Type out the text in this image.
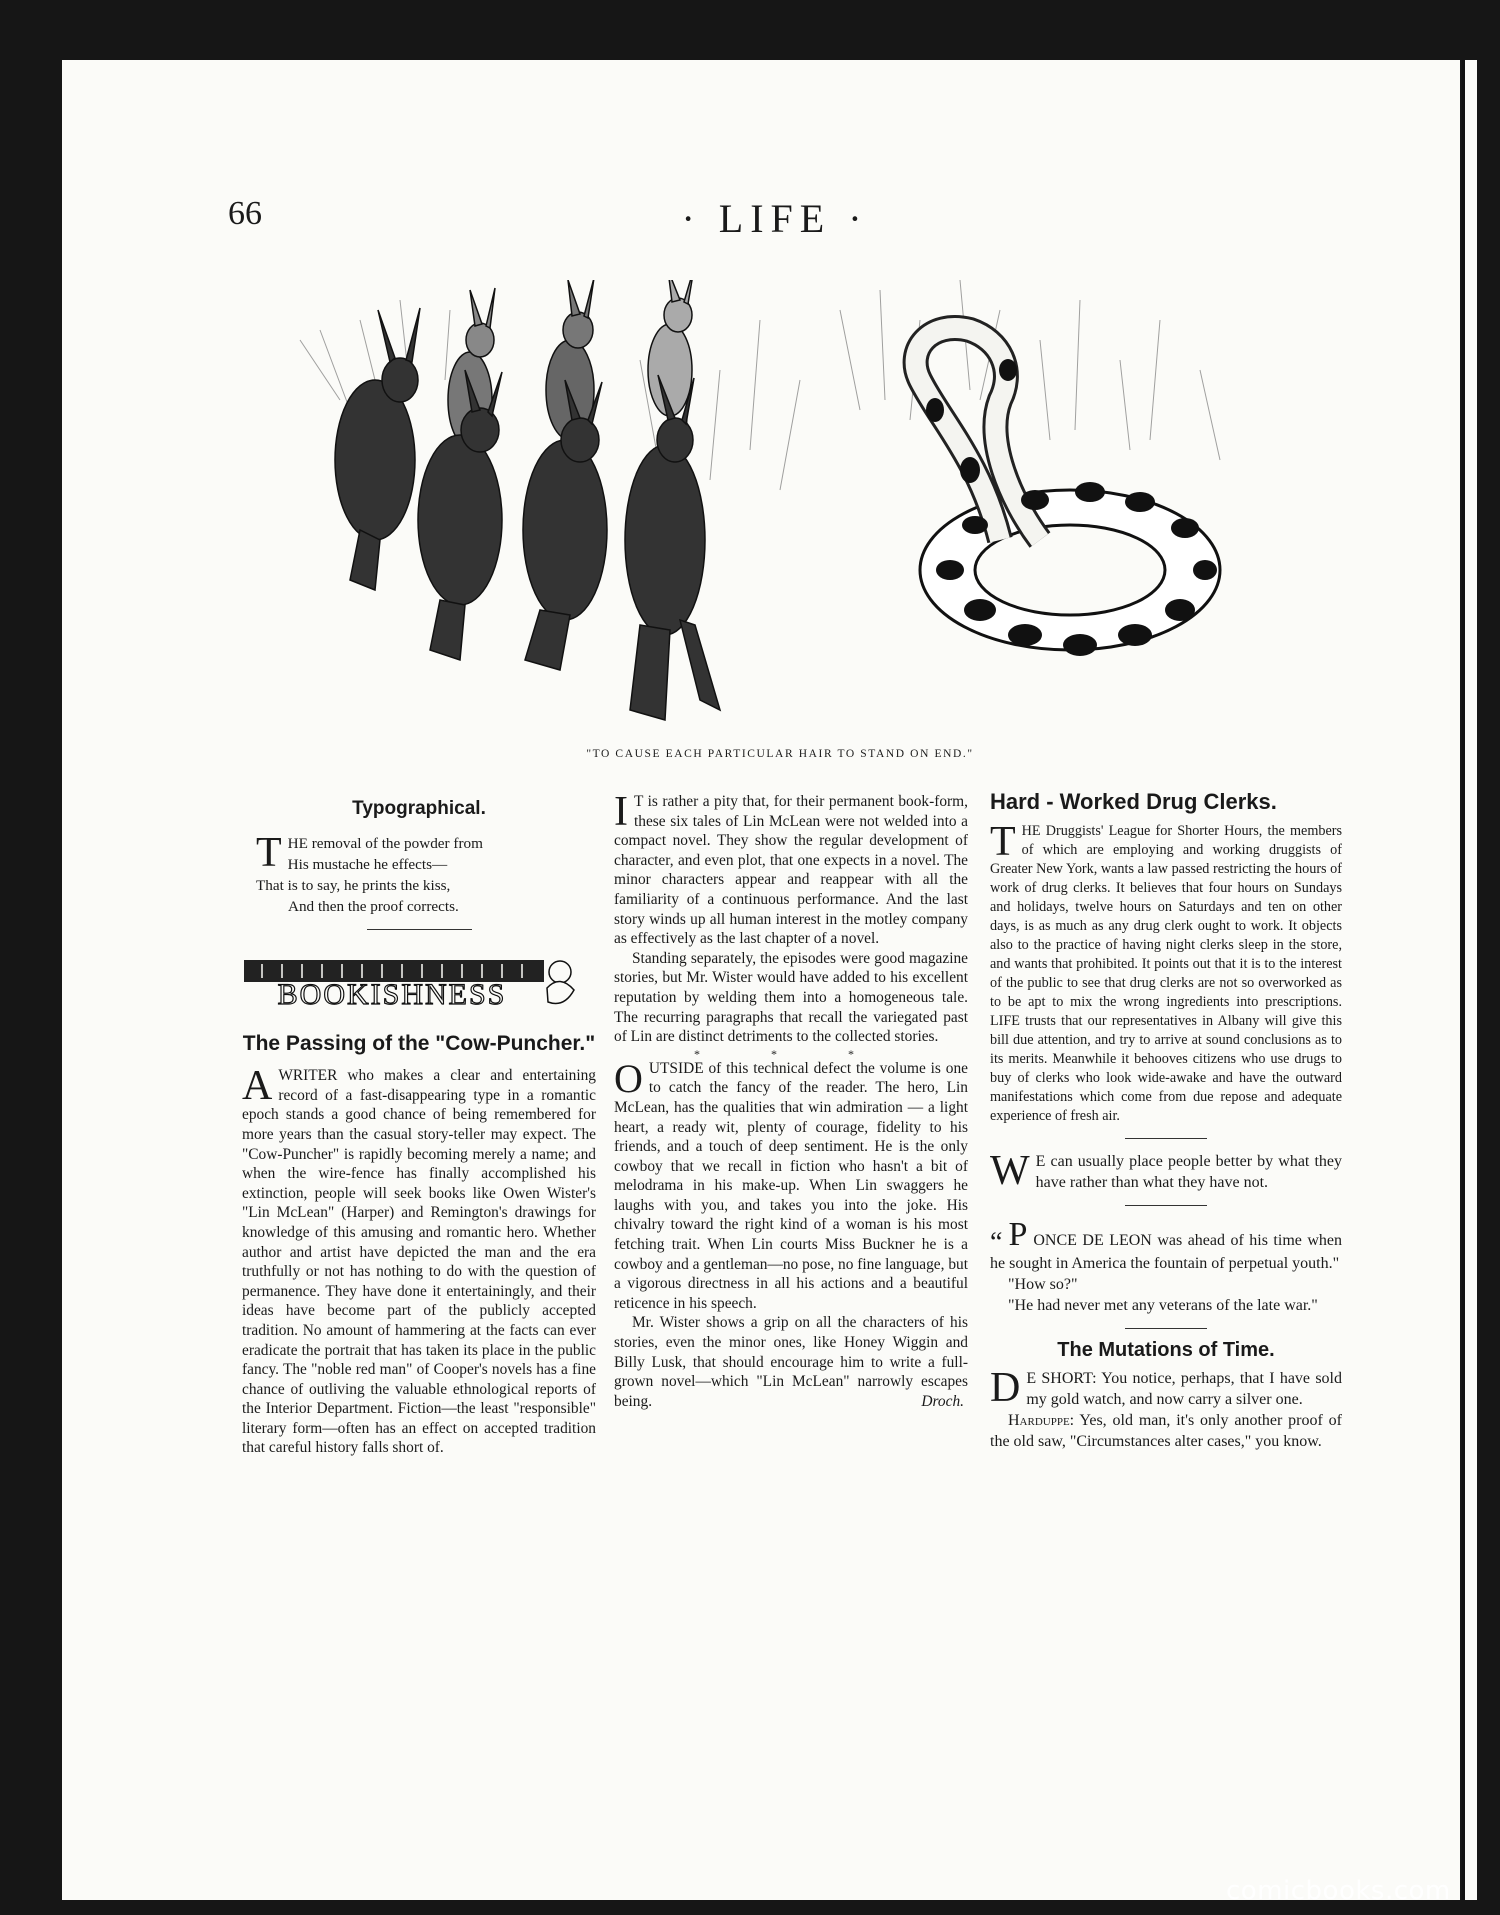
66	· LIFE ·
"TO CAUSE EACH PARTICULAR HAIR TO STAND ON END."
Typographical.
T HE removal of the powder from
His mustache he effects—
That is to say, he prints the kiss,
And then the proof corrects.
BOOKISHNESS
The Passing of the "Cow-Puncher."

AWRITER who makes a clear and entertaining record of a fast-disappearing type in a romantic epoch stands a good chance of being remembered for more years than the casual story-teller may expect. The "Cow-Puncher" is rapidly becoming merely a name; and when the wire-fence has finally accomplished his extinction, people will seek books like Owen Wister's "Lin McLean" (Harper) and Remington's drawings for knowledge of this amusing and romantic hero. Whether author and artist have depicted the man and the era truthfully or not has nothing to do with the question of permanence. They have done it entertainingly, and their ideas have become part of the publicly accepted tradition. No amount of hammering at the facts can ever eradicate the portrait that has taken its place in the public fancy. The "noble red man" of Cooper's novels has a fine chance of outliving the valuable ethnological reports of the Interior Department. Fiction—the least "responsible" literary form—often has an effect on accepted tradition that careful history falls short of.

I T is rather a pity that, for their permanent book-form, these six tales of Lin McLean were not welded into a compact novel. They show the regular development of character, and even plot, that one expects in a novel. The minor characters appear and reappear with all the familiarity of a continuous performance. And the last story winds up all human interest in the motley company as effectively as the last chapter of a novel.

Standing separately, the episodes were good magazine stories, but Mr. Wister would have added to his excellent reputation by welding them into a homogeneous tale. The recurring paragraphs that recall the variegated past of Lin are distinct detriments to the collected stories.

* * *

OUTSIDE of this technical defect the volume is one to catch the fancy of the reader. The hero, Lin McLean, has the qualities that win admiration — a light heart, a ready wit, plenty of courage, fidelity to his friends, and a touch of deep sentiment. He is the only cowboy that we recall in fiction who hasn't a bit of melodrama in his make-up. When Lin swaggers he laughs with you, and takes you into the joke. His chivalry toward the right kind of a woman is his most fetching trait. When Lin courts Miss Buckner he is a cowboy and a gentleman—no pose, no fine language, but a vigorous directness in all his actions and a beautiful reticence in his speech.

Mr. Wister shows a grip on all the characters of his stories, even the minor ones, like Honey Wiggin and Billy Lusk, that should encourage him to write a full-grown novel—which "Lin McLean" narrowly escapes being.	Droch.

Hard - Worked Drug Clerks.

THE Druggists' League for Shorter Hours, the members of which are employing and working druggists of Greater New York, wants a law passed restricting the hours of work of drug clerks. It believes that four hours on Sundays and holidays, twelve hours on Saturdays and ten on other days, is as much as any drug clerk ought to work. It objects also to the practice of having night clerks sleep in the store, and wants that prohibited. It points out that it is to the interest of the public to see that drug clerks are not so overworked as to be apt to mix the wrong ingredients into prescriptions. LIFE trusts that our representatives in Albany will give this bill due attention, and try to arrive at sound conclusions as to its merits. Meanwhile it behooves citizens who use drugs to buy of clerks who look wide-awake and have the outward manifestations which come from due repose and adequate experience of fresh air.

W E can usually place people better by what they have rather than what they have not.

“ P ONCE DE LEON was ahead of his time when he sought in America the fountain of perpetual youth."

"How so?"

"He had never met any veterans of the late war."

The Mutations of Time.

D E SHORT: You notice, perhaps, that I have sold my gold watch, and now carry a silver one.

Harduppe: Yes, old man, it's only another proof of the old saw, "Circumstances alter cases," you know.

comicbooks.com
